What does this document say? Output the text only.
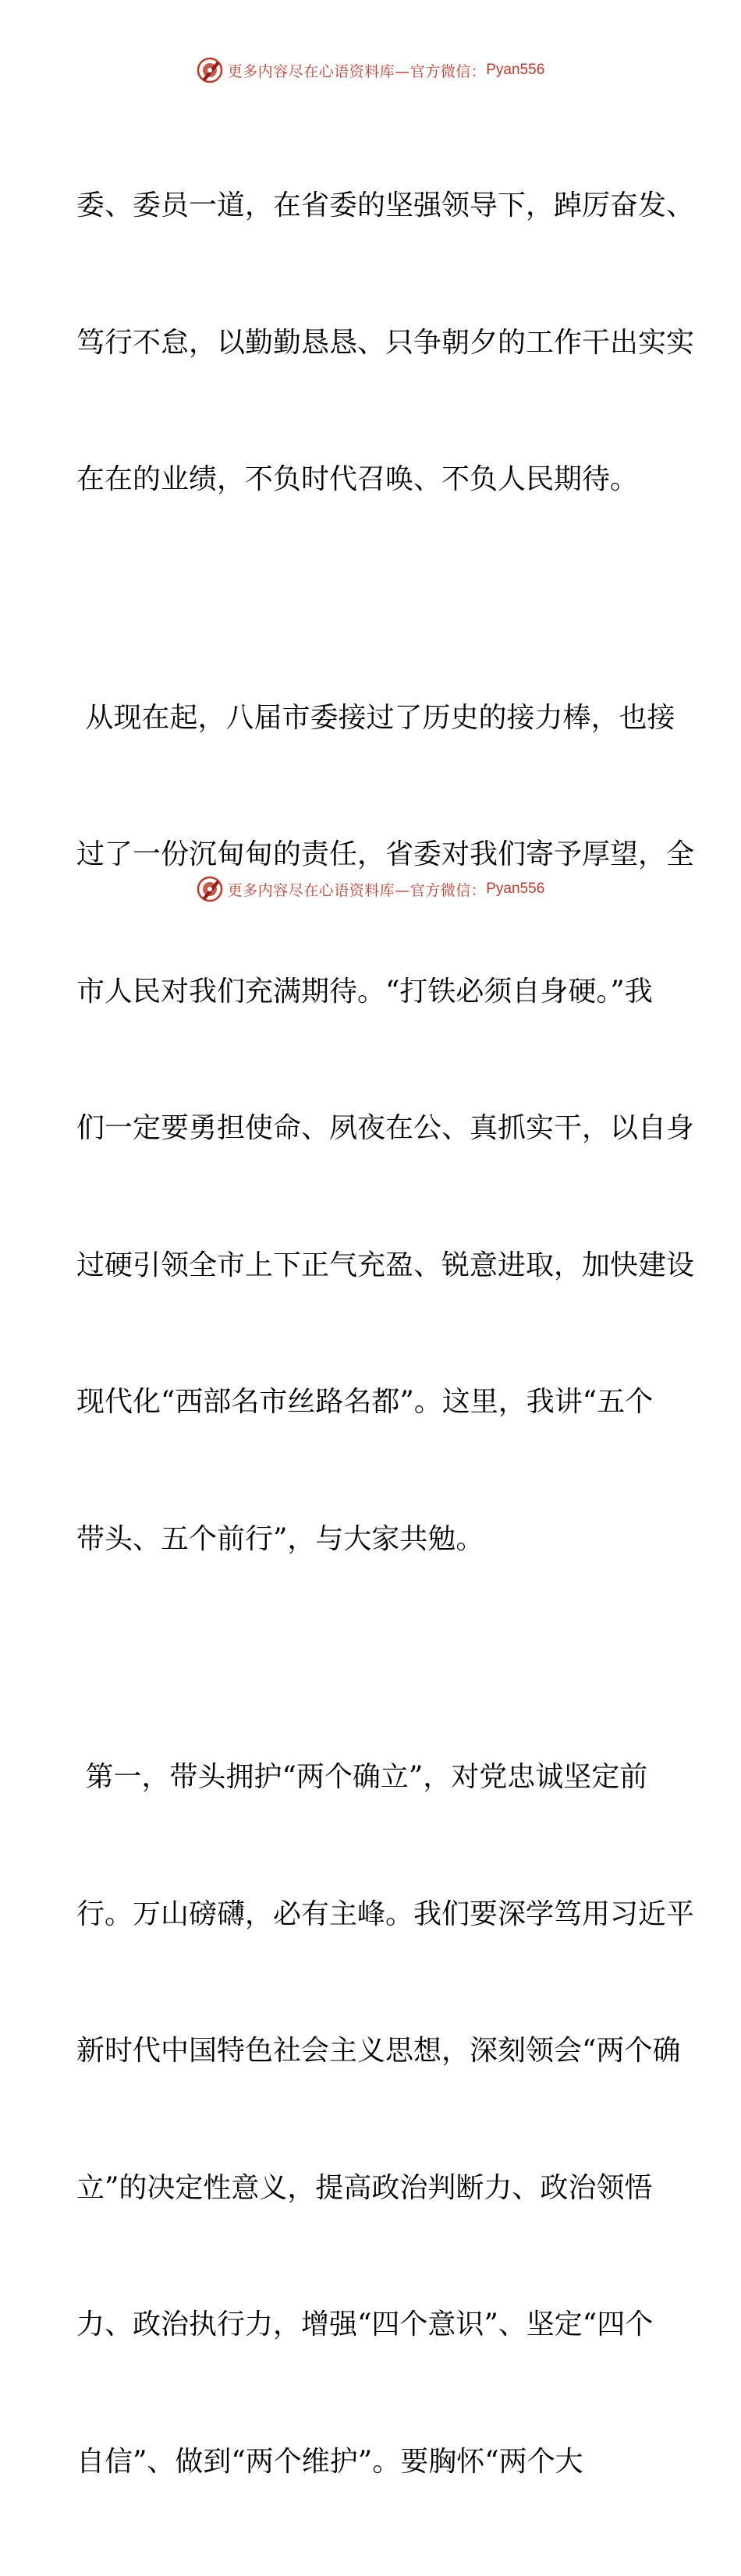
更多内容尽在心语资料库—官方微信： Pyan556

委、委员一道，在省委的坚强领导下，踔厉奋发、

笃行不怠，以勤勤恳恳、只争朝夕的工作干出实实

在在的业绩，不负时代召唤、不负人民期待。

从现在起，八届市委接过了历史的接力棒，也接

过了一份沉甸甸的责任，省委对我们寄予厚望，全

市人民对我们充满期待。“打铁必须自身硬。”我

们一定要勇担使命、夙夜在公、真抓实干，以自身

过硬引领全市上下正气充盈、锐意进取，加快建设

现代化“西部名市丝路名都”。这里，我讲“五个

带头、五个前行”，与大家共勉。

第一，带头拥护“两个确立”，对党忠诚坚定前

行。万山磅礴，必有主峰。我们要深学笃用习近平

新时代中国特色社会主义思想，深刻领会“两个确

立”的决定性意义，提高政治判断力、政治领悟

力、政治执行力，增强“四个意识”、坚定“四个

自信”、做到“两个维护”。要胸怀“两个大

更多内容尽在心语资料库—官方微信： Pyan556
